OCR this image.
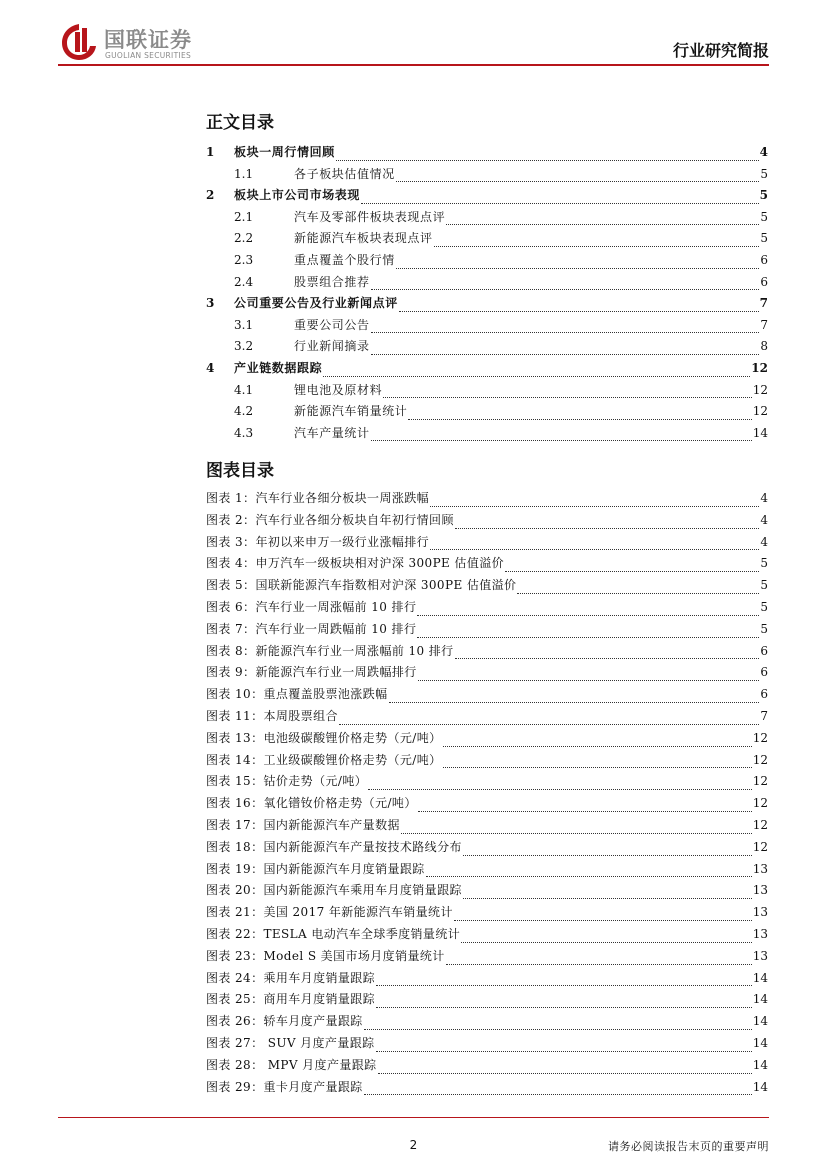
国联证券
GUOLIAN SECURITIES	行业研究简报
正文目录
1	板块一周行情回顾	4
1.1	各子板块估值情况	5
2	板块上市公司市场表现	5
2.1	汽车及零部件板块表现点评	5
2.2	新能源汽车板块表现点评	5
2.3	重点覆盖个股行情	6
2.4	股票组合推荐	6
3	公司重要公告及行业新闻点评	7
3.1	重要公司公告	7
3.2	行业新闻摘录	8
4	产业链数据跟踪	12
4.1	锂电池及原材料	12
4.2	新能源汽车销量统计	12
4.3	汽车产量统计	14
图表目录
图表 1：汽车行业各细分板块一周涨跌幅	4
图表 2：汽车行业各细分板块自年初行情回顾	4
图表 3：年初以来申万一级行业涨幅排行	4
图表 4：申万汽车一级板块相对沪深 300PE 估值溢价	5
图表 5：国联新能源汽车指数相对沪深 300PE 估值溢价	5
图表 6：汽车行业一周涨幅前 10 排行	5
图表 7：汽车行业一周跌幅前 10 排行	5
图表 8：新能源汽车行业一周涨幅前 10 排行	6
图表 9：新能源汽车行业一周跌幅排行	6
图表 10：重点覆盖股票池涨跌幅	6
图表 11：本周股票组合	7
图表 13：电池级碳酸锂价格走势（元/吨）	12
图表 14：工业级碳酸锂价格走势（元/吨）	12
图表 15：钴价走势（元/吨）	12
图表 16：氧化镨钕价格走势（元/吨）	12
图表 17：国内新能源汽车产量数据	12
图表 18：国内新能源汽车产量按技术路线分布	12
图表 19：国内新能源汽车月度销量跟踪	13
图表 20：国内新能源汽车乘用车月度销量跟踪	13
图表 21：美国 2017 年新能源汽车销量统计	13
图表 22：TESLA 电动汽车全球季度销量统计	13
图表 23：Model S 美国市场月度销量统计	13
图表 24：乘用车月度销量跟踪	14
图表 25：商用车月度销量跟踪	14
图表 26：轿车月度产量跟踪	14
图表 27： SUV 月度产量跟踪	14
图表 28： MPV 月度产量跟踪	14
图表 29：重卡月度产量跟踪	14
2	请务必阅读报告末页的重要声明
